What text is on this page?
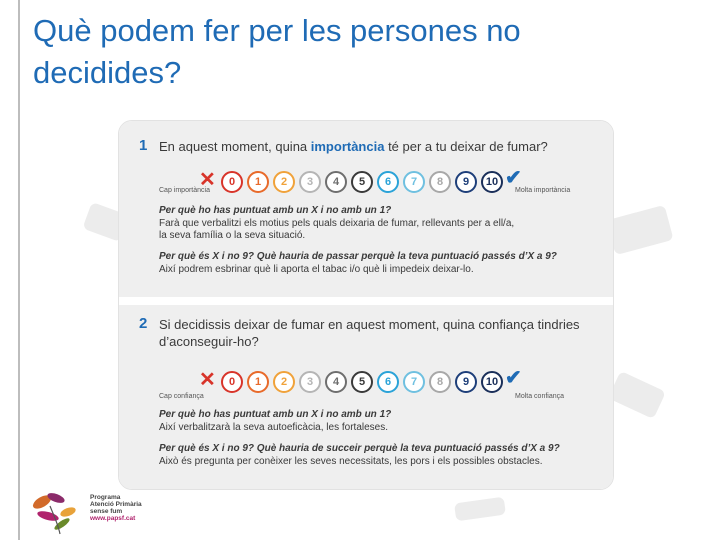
Què podem fer per les persones no
decidides?
1 En aquest moment, quina importància té per a tu deixar de fumar?
✕	0	1	2	3	4	5	6	7	8	9	10 ✔
Cap importància	Molta importància
Per què ho has puntuat amb un X i no amb un 1?
Farà que verbalitzi els motius pels quals deixaria de fumar, rellevants per a ell/a,
la seva família o la seva situació.
Per què és X i no 9? Què hauria de passar perquè la teva puntuació passés d’X a 9?
Així podrem esbrinar què li aporta el tabac i/o què li impedeix deixar-lo.
2 Si decidissis deixar de fumar en aquest moment, quina confiança tindries
d’aconseguir-ho?
✕	0	1	2	3	4	5	6	7	8	9	10 ✔
Cap confiança	Molta confiança
Per què ho has puntuat amb un X i no amb un 1?
Així verbalitzarà la seva autoeficàcia, les fortaleses.
Per què és X i no 9? Què hauria de succeir perquè la teva puntuació passés d’X a 9?
Això és pregunta per conèixer les seves necessitats, les pors i els possibles obstacles.
Programa
Atenció Primària
sense fum
www.papsf.cat
